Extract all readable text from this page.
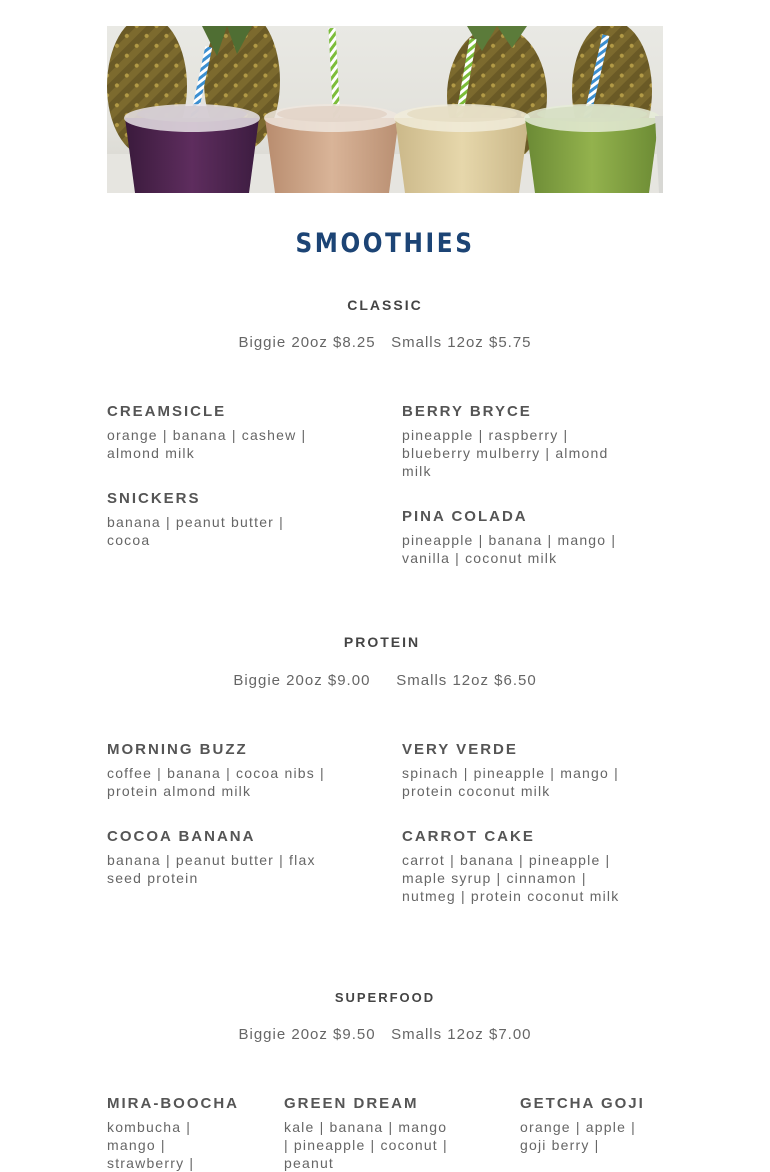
SMOOTHIES
CLASSIC
Biggie 20oz $8.25 Smalls 12oz $5.75
CREAMSICLE
orange | banana | cashew | almond milk
BERRY BRYCE
pineapple | raspberry | blueberry mulberry | almond milk
SNICKERS
banana | peanut butter | cocoa
PINA COLADA
pineapple | banana | mango | vanilla | coconut milk
PROTEIN
Biggie 20oz $9.00 Smalls 12oz $6.50
MORNING BUZZ
coffee | banana | cocoa nibs | protein almond milk
VERY VERDE
spinach | pineapple | mango | protein coconut milk
COCOA BANANA
banana | peanut butter | flax seed protein
CARROT CAKE
carrot | banana | pineapple | maple syrup | cinnamon | nutmeg | protein coconut milk
SUPERFOOD
Biggie 20oz $9.50 Smalls 12oz $7.00
MIRA-BOOCHA
kombucha | mango | strawberry |
GREEN DREAM
kale | banana | mango | pineapple | coconut | peanut
GETCHA GOJI
orange | apple | goji berry |
